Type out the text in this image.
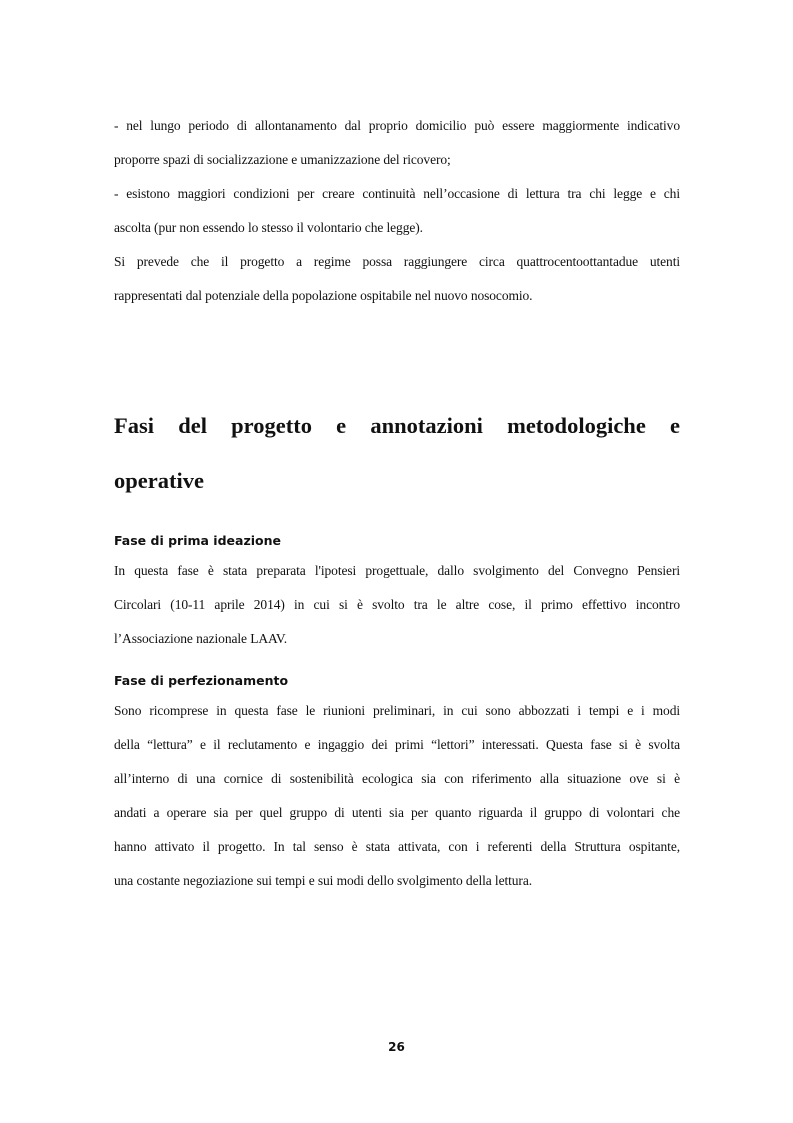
- nel lungo periodo di allontanamento dal proprio domicilio può essere maggiormente indicativo
proporre spazi di socializzazione e umanizzazione del ricovero;
- esistono maggiori condizioni per creare continuità nell’occasione di lettura tra chi legge e chi
ascolta (pur non essendo lo stesso il volontario che legge).
Si prevede che il progetto a regime possa raggiungere circa quattrocentoottantadue utenti
rappresentati dal potenziale della popolazione ospitabile nel nuovo nosocomio.
Fasi del progetto e annotazioni metodologiche e
operative
Fase di prima ideazione
In questa fase è stata preparata l'ipotesi progettuale, dallo svolgimento del Convegno Pensieri
Circolari (10-11 aprile 2014) in cui si è svolto tra le altre cose, il primo effettivo incontro
l’Associazione nazionale LAAV.
Fase di perfezionamento
Sono ricomprese in questa fase le riunioni preliminari, in cui sono abbozzati i tempi e i modi
della “lettura” e il reclutamento e ingaggio dei primi “lettori” interessati. Questa fase si è svolta
all’interno di una cornice di sostenibilità ecologica sia con riferimento alla situazione ove si è
andati a operare sia per quel gruppo di utenti sia per quanto riguarda il gruppo di volontari che
hanno attivato il progetto. In tal senso è stata attivata, con i referenti della Struttura ospitante,
una costante negoziazione sui tempi e sui modi dello svolgimento della lettura.
26
